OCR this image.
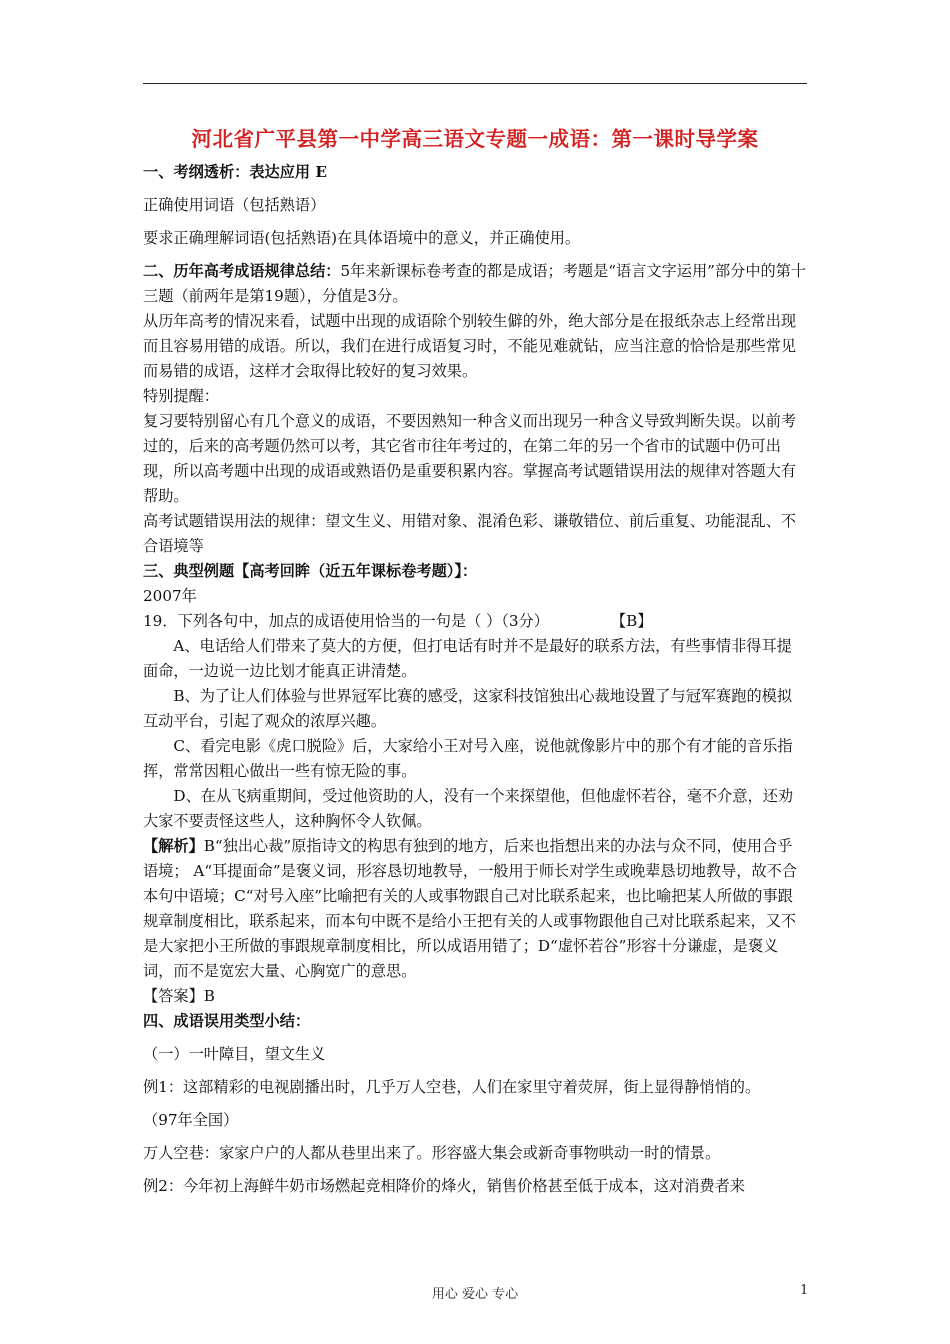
河北省广平县第一中学高三语文专题一成语：第一课时导学案

一、考纲透析：表达应用 E

正确使用词语（包括熟语）

要求正确理解词语(包括熟语)在具体语境中的意义，并正确使用。

二、历年高考成语规律总结：5年来新课标卷考查的都是成语；考题是“语言文字运用”部分中的第十三题（前两年是第19题），分值是3分。

从历年高考的情况来看，试题中出现的成语除个别较生僻的外，绝大部分是在报纸杂志上经常出现而且容易用错的成语。所以，我们在进行成语复习时，不能见难就钻，应当注意的恰恰是那些常见而易错的成语，这样才会取得比较好的复习效果。

特别提醒：

复习要特别留心有几个意义的成语，不要因熟知一种含义而出现另一种含义导致判断失误。以前考过的，后来的高考题仍然可以考，其它省市往年考过的，在第二年的另一个省市的试题中仍可出现，所以高考题中出现的成语或熟语仍是重要积累内容。掌握高考试题错误用法的规律对答题大有帮助。

高考试题错误用法的规律：望文生义、用错对象、混淆色彩、谦敬错位、前后重复、功能混乱、不合语境等

三、典型例题【高考回眸（近五年课标卷考题）】：

2007年

19．下列各句中，加点的成语使用恰当的一句是（ ）（3分）	【B】

A、电话给人们带来了莫大的方便，但打电话有时并不是最好的联系方法，有些事情非得耳提面命，一边说一边比划才能真正讲清楚。

B、为了让人们体验与世界冠军比赛的感受，这家科技馆独出心裁地设置了与冠军赛跑的模拟互动平台，引起了观众的浓厚兴趣。

C、看完电影《虎口脱险》后，大家给小王对号入座，说他就像影片中的那个有才能的音乐指挥，常常因粗心做出一些有惊无险的事。

D、在从飞病重期间，受过他资助的人，没有一个来探望他，但他虚怀若谷，毫不介意，还劝大家不要责怪这些人，这种胸怀令人钦佩。

【解析】B“独出心裁”原指诗文的构思有独到的地方，后来也指想出来的办法与众不同，使用合乎语境； A“耳提面命”是褒义词，形容恳切地教导，一般用于师长对学生或晚辈恳切地教导，故不合本句中语境；C“对号入座”比喻把有关的人或事物跟自己对比联系起来，也比喻把某人所做的事跟规章制度相比，联系起来，而本句中既不是给小王把有关的人或事物跟他自己对比联系起来，又不是大家把小王所做的事跟规章制度相比，所以成语用错了；D“虚怀若谷”形容十分谦虚，是褒义词，而不是宽宏大量、心胸宽广的意思。

【答案】B

四、成语误用类型小结：

（一）一叶障目，望文生义

例1：这部精彩的电视剧播出时，几乎万人空巷，人们在家里守着荧屏，街上显得静悄悄的。

（97年全国）

万人空巷：家家户户的人都从巷里出来了。形容盛大集会或新奇事物哄动一时的情景。

例2：今年初上海鲜牛奶市场燃起竞相降价的烽火，销售价格甚至低于成本，这对消费者来

用心 爱心 专心	1
